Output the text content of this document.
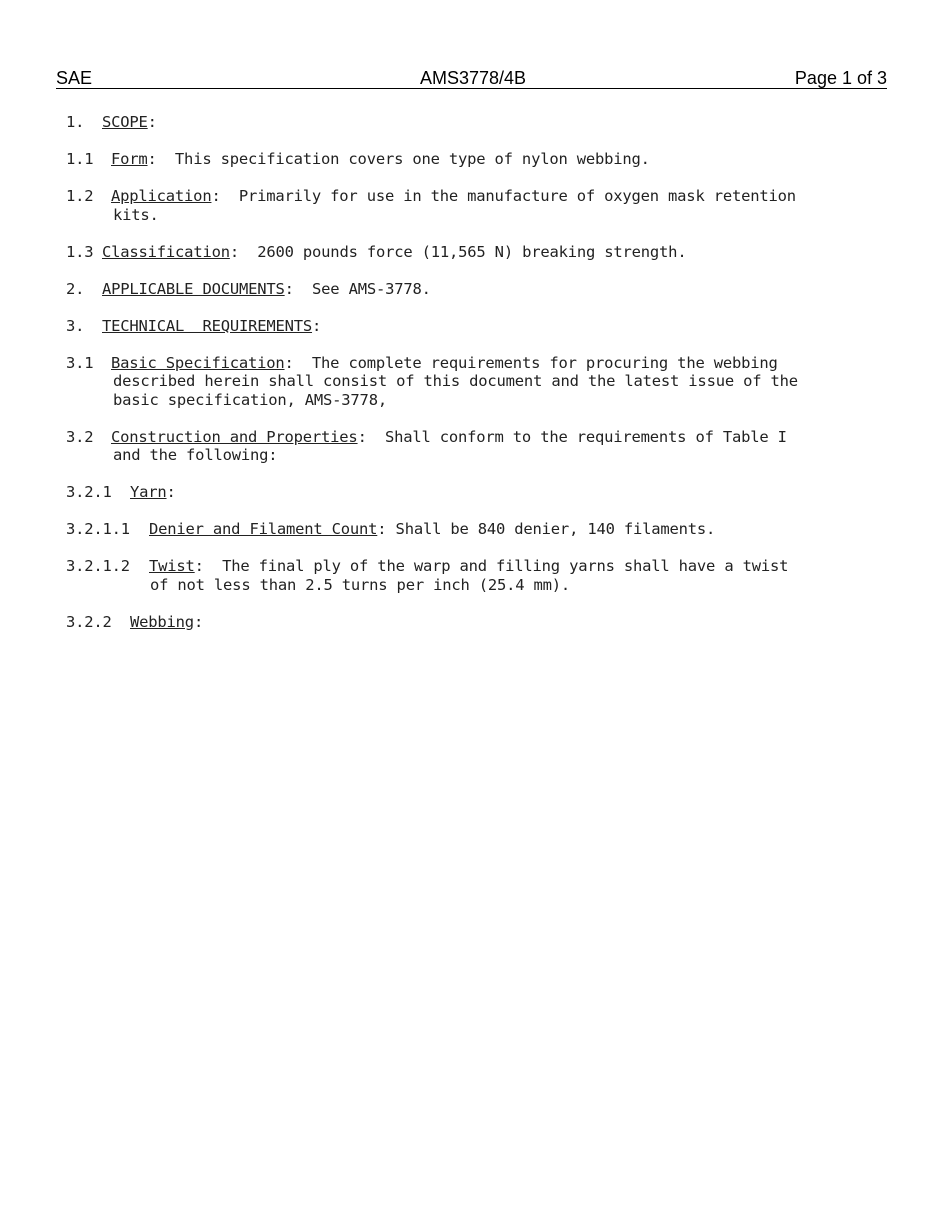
SAE	AMS3778/4B	Page 1 of 3
1. SCOPE:
1.1 Form:  This specification covers one type of nylon webbing.
1.2 Application:  Primarily for use in the manufacture of oxygen mask retention
kits.
1.3 Classification:  2600 pounds force (11,565 N) breaking strength.
2. APPLICABLE DOCUMENTS:  See AMS-3778.
3. TECHNICAL  REQUIREMENTS:
3.1 Basic Specification:  The complete requirements for procuring the webbing
described herein shall consist of this document and the latest issue of the
basic specification, AMS-3778,
3.2 Construction and Properties:  Shall conform to the requirements of Table I
and the following:
3.2.1 Yarn:
3.2.1.1 Denier and Filament Count: Shall be 840 denier, 140 filaments.
3.2.1.2 Twist:  The final ply of the warp and filling yarns shall have a twist
of not less than 2.5 turns per inch (25.4 mm).
3.2.2 Webbing:
